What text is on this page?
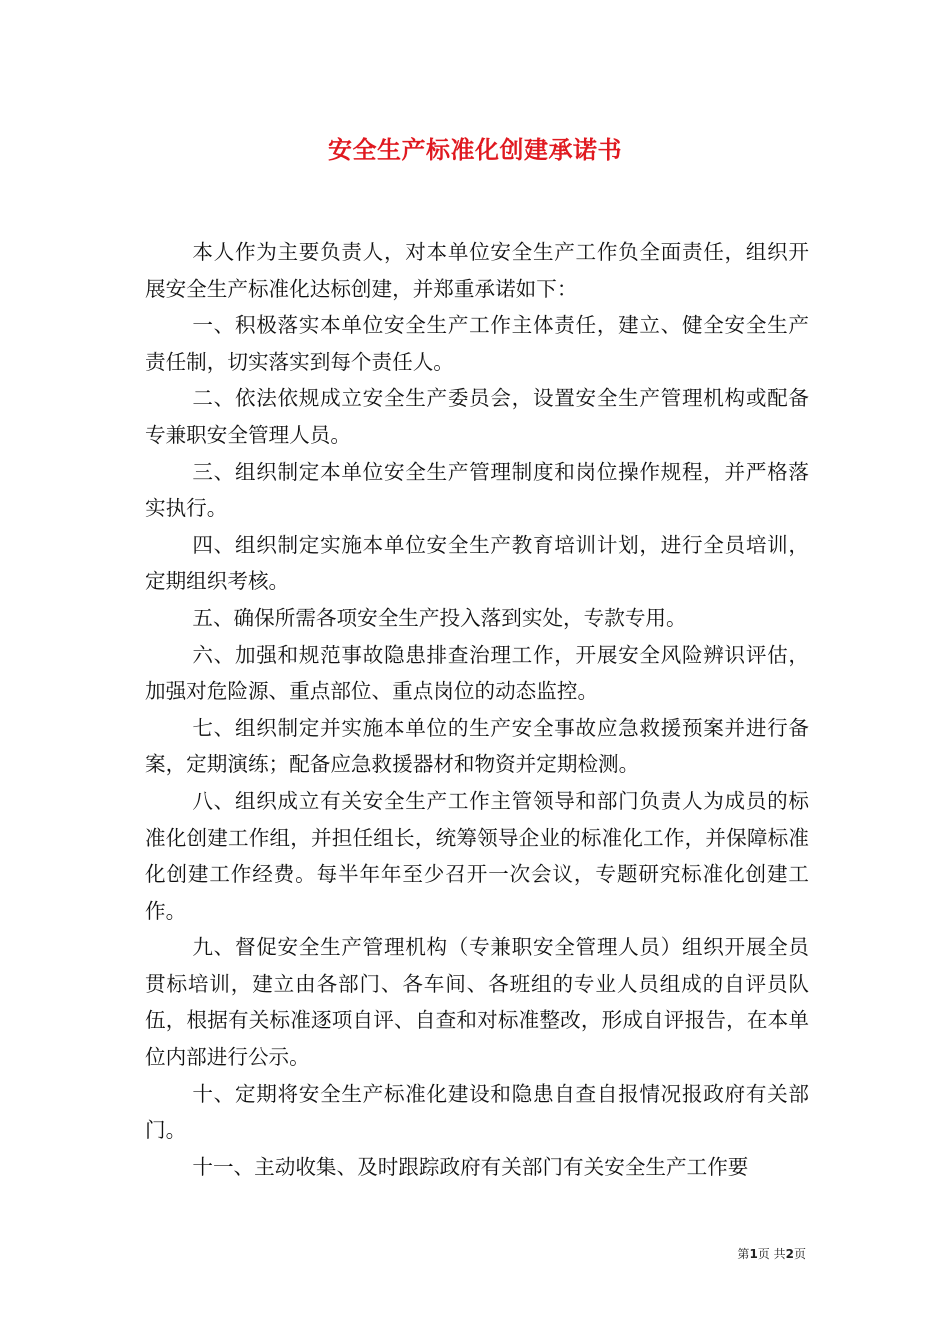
安全生产标准化创建承诺书

本人作为主要负责人，对本单位安全生产工作负全面责任，组织开展安全生产标准化达标创建，并郑重承诺如下：

一、积极落实本单位安全生产工作主体责任，建立、健全安全生产责任制，切实落实到每个责任人。

二、依法依规成立安全生产委员会，设置安全生产管理机构或配备专兼职安全管理人员。

三、组织制定本单位安全生产管理制度和岗位操作规程，并严格落实执行。

四、组织制定实施本单位安全生产教育培训计划，进行全员培训，定期组织考核。

五、确保所需各项安全生产投入落到实处，专款专用。

六、加强和规范事故隐患排查治理工作，开展安全风险辨识评估，加强对危险源、重点部位、重点岗位的动态监控。

七、组织制定并实施本单位的生产安全事故应急救援预案并进行备案，定期演练；配备应急救援器材和物资并定期检测。

八、组织成立有关安全生产工作主管领导和部门负责人为成员的标准化创建工作组，并担任组长，统筹领导企业的标准化工作，并保障标准化创建工作经费。每半年年至少召开一次会议，专题研究标准化创建工作。

九、督促安全生产管理机构（专兼职安全管理人员）组织开展全员贯标培训，建立由各部门、各车间、各班组的专业人员组成的自评员队伍，根据有关标准逐项自评、自查和对标准整改，形成自评报告，在本单位内部进行公示。

十、定期将安全生产标准化建设和隐患自查自报情况报政府有关部门。

十一、主动收集、及时跟踪政府有关部门有关安全生产工作要

第1页 共2页
